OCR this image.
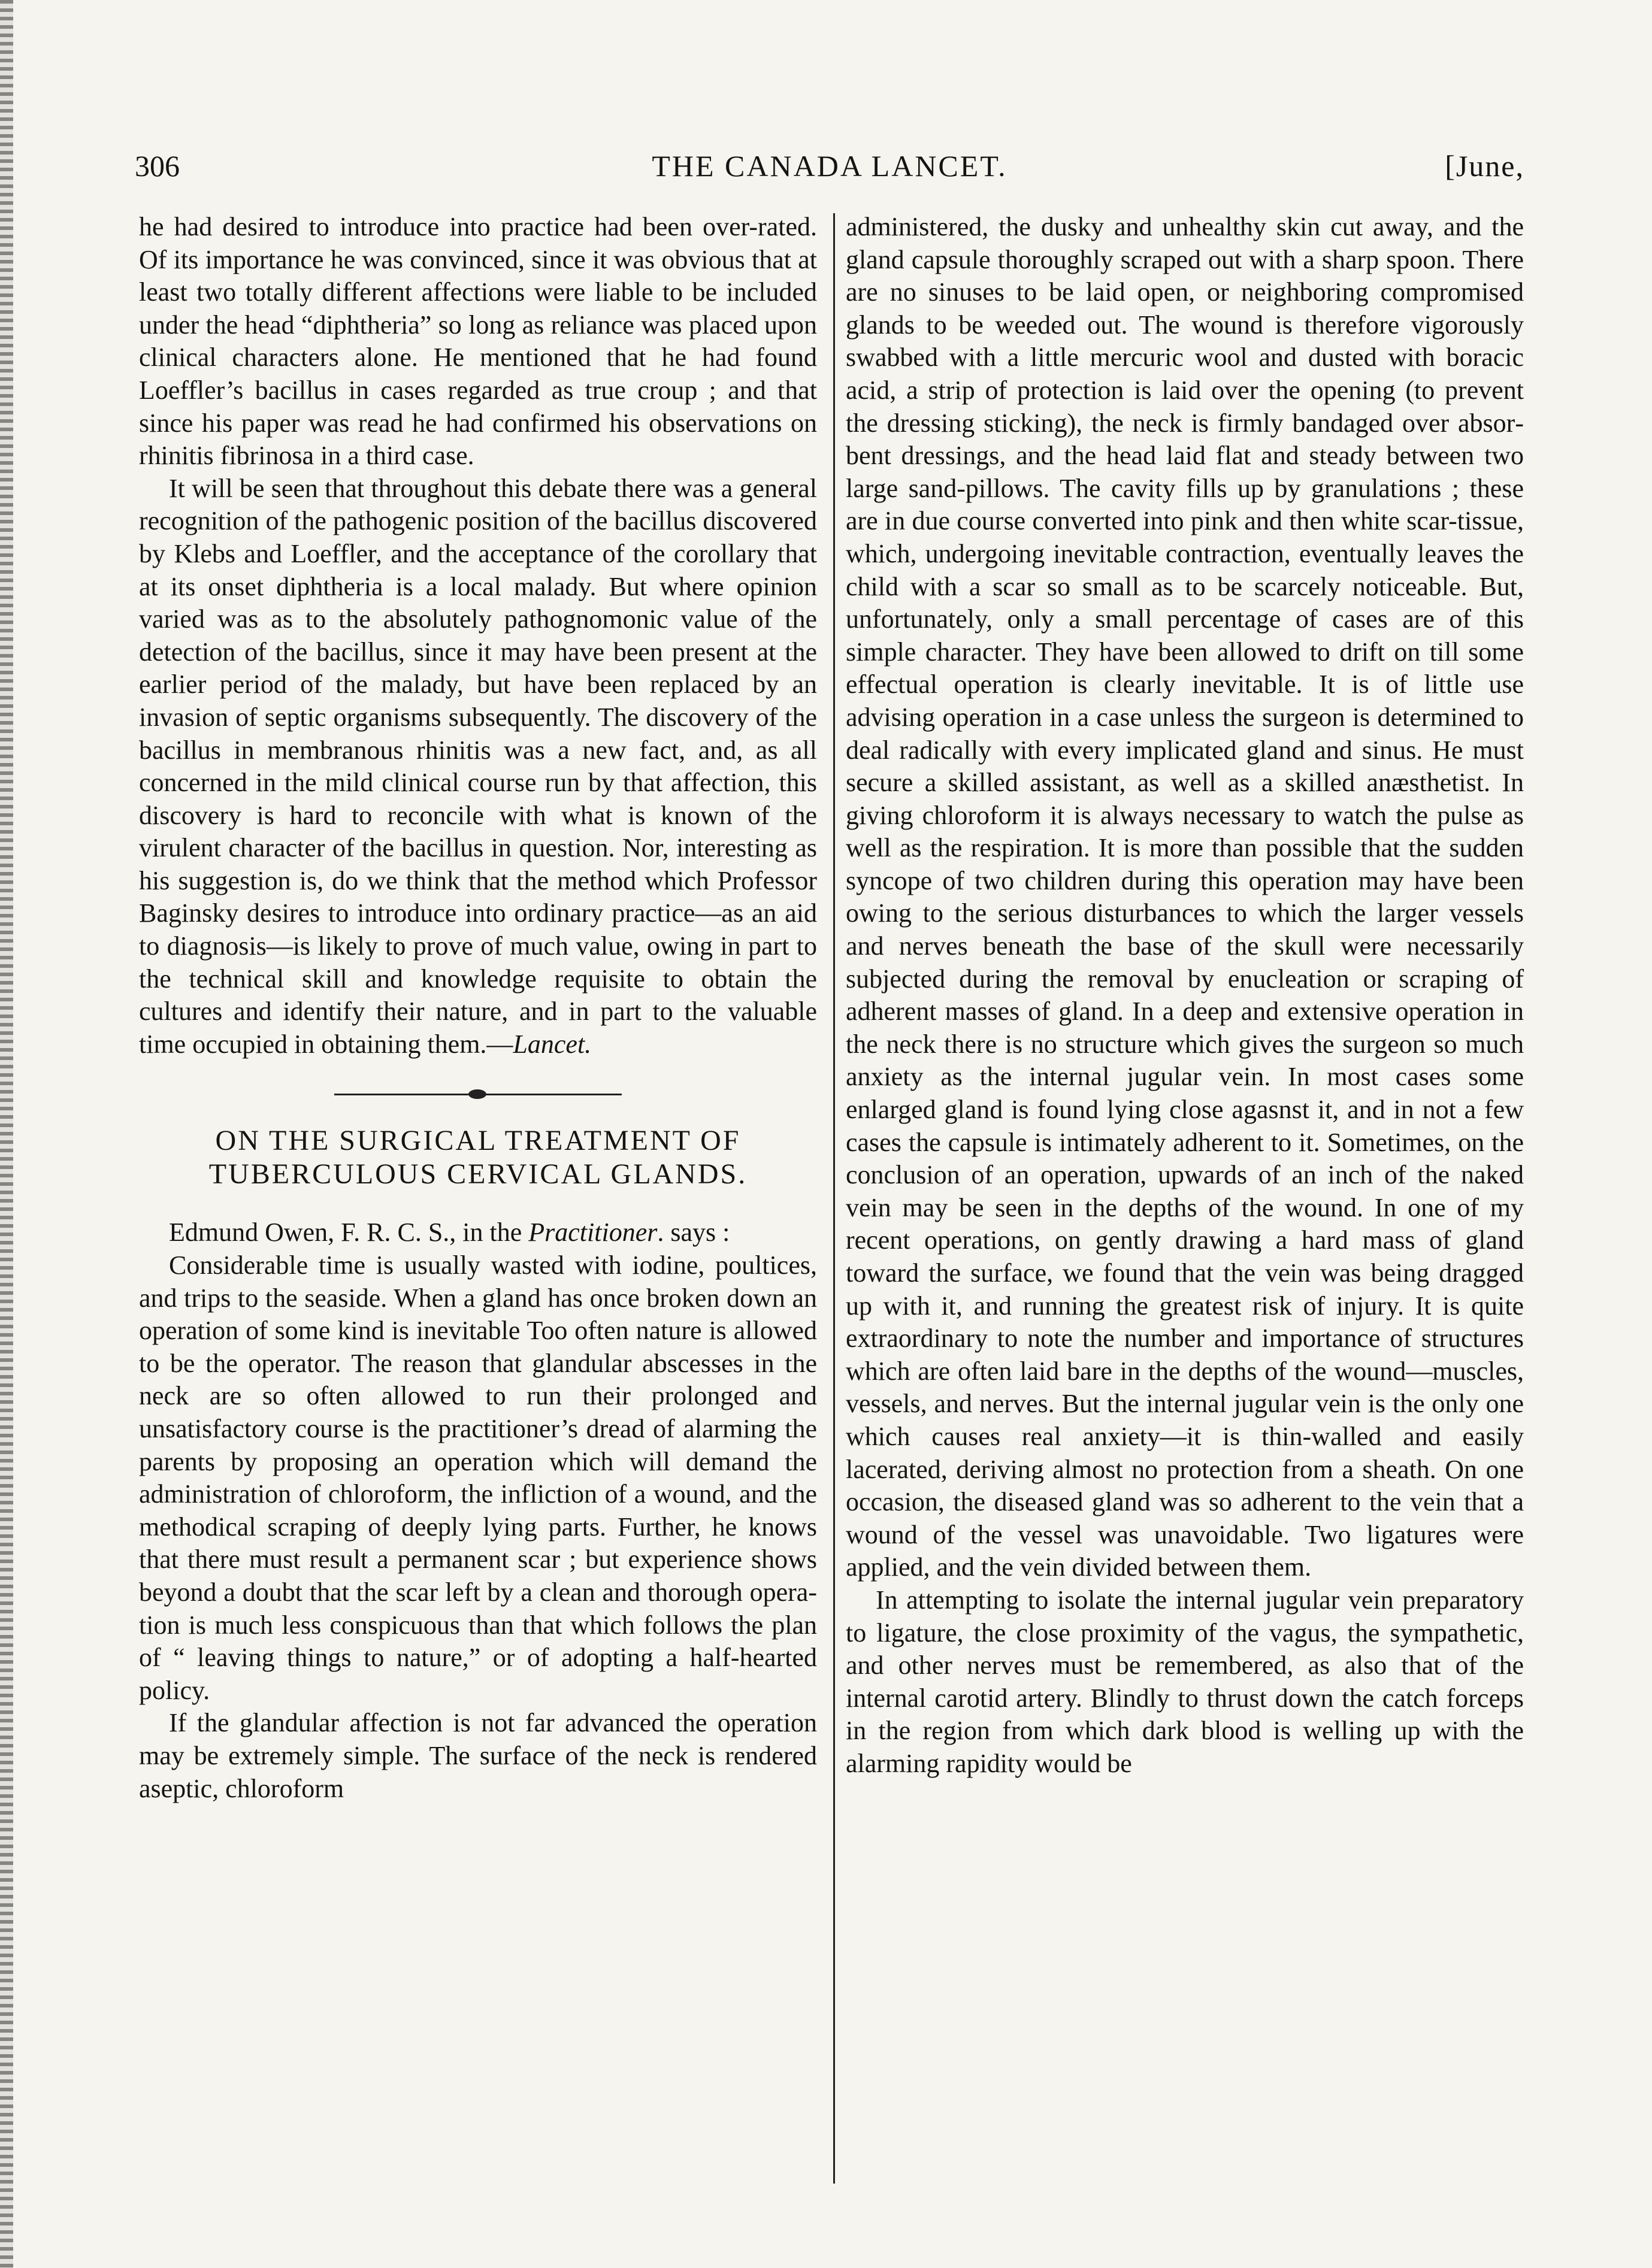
306	THE CANADA LANCET.	[June,

he had desired to introduce into practice had been over-rated. Of its importance he was convinced, since it was obvious that at least two totally different affections were liable to be included under the head “diphtheria” so long as reliance was placed upon clinical characters alone. He mentioned that he had found Loeffler’s bacillus in cases regarded as true croup ; and that since his paper was read he had confirmed his observations on rhinitis fibrinosa in a third case.

It will be seen that throughout this debate there was a general recognition of the pathogenic position of the bacillus discovered by Klebs and Loeffler, and the acceptance of the corollary that at its onset diphtheria is a local malady. But where opinion varied was as to the absolutely pathognomonic value of the detection of the bacillus, since it may have been present at the earlier period of the malady, but have been replaced by an invasion of septic organisms subsequently. The discovery of the bacillus in membranous rhinitis was a new fact, and, as all concerned in the mild clinical course run by that affection, this discovery is hard to reconcile with what is known of the virulent character of the bacillus in question. Nor, interesting as his suggestion is, do we think that the method which Professor Baginsky desires to introduce into ordinary practice—as an aid to diagnosis—is likely to prove of much value, owing in part to the technical skill and knowledge requisite to obtain the cultures and identify their nature, and in part to the valuable time occupied in obtaining them.—Lancet.

ON THE SURGICAL TREATMENT OF
TUBERCULOUS CERVICAL GLANDS.

Edmund Owen, F. R. C. S., in the Practitioner. says :

Considerable time is usually wasted with iodine, poultices, and trips to the seaside. When a gland has once broken down an operation of some kind is inevitable Too often nature is allowed to be the operator. The reason that glandular abscesses in the neck are so often allowed to run their prolonged and unsatisfactory course is the practitioner’s dread of alarming the parents by proposing an operation which will demand the administration of chloroform, the infliction of a wound, and the methodical scraping of deeply lying parts. Further, he knows that there must result a permanent scar ; but experience shows beyond a doubt that the scar left by a clean and thorough operation is much less conspicuous than that which follows the plan of “ leaving things to nature,” or of adopting a half-hearted policy.

If the glandular affection is not far advanced the operation may be extremely simple. The surface of the neck is rendered aseptic, chloroform

administered, the dusky and unhealthy skin cut away, and the gland capsule thoroughly scraped out with a sharp spoon. There are no sinuses to be laid open, or neighboring compromised glands to be weeded out. The wound is therefore vigorously swabbed with a little mercuric wool and dusted with boracic acid, a strip of protection is laid over the opening (to prevent the dressing sticking), the neck is firmly bandaged over absorbent dressings, and the head laid flat and steady between two large sand-pillows. The cavity fills up by granulations ; these are in due course converted into pink and then white scar-tissue, which, undergoing inevitable contraction, eventually leaves the child with a scar so small as to be scarcely noticeable. But, unfortunately, only a small percentage of cases are of this simple character. They have been allowed to drift on till some effectual operation is clearly inevitable. It is of little use advising operation in a case unless the surgeon is determined to deal radically with every implicated gland and sinus. He must secure a skilled assistant, as well as a skilled anæsthetist. In giving chloroform it is always necessary to watch the pulse as well as the respiration. It is more than possible that the sudden syncope of two children during this operation may have been owing to the serious disturbances to which the larger vessels and nerves beneath the base of the skull were necessarily subjected during the removal by enucleation or scraping of adherent masses of gland. In a deep and extensive operation in the neck there is no structure which gives the surgeon so much anxiety as the internal jugular vein. In most cases some enlarged gland is found lying close agasnst it, and in not a few cases the capsule is intimately adherent to it. Sometimes, on the conclusion of an operation, upwards of an inch of the naked vein may be seen in the depths of the wound. In one of my recent operations, on gently drawing a hard mass of gland toward the surface, we found that the vein was being dragged up with it, and running the greatest risk of injury. It is quite extraordinary to note the number and importance of structures which are often laid bare in the depths of the wound—muscles, vessels, and nerves. But the internal jugular vein is the only one which causes real anxiety—it is thin-walled and easily lacerated, deriving almost no protection from a sheath. On one occasion, the diseased gland was so adherent to the vein that a wound of the vessel was unavoidable. Two ligatures were applied, and the vein divided between them.

In attempting to isolate the internal jugular vein preparatory to ligature, the close proximity of the vagus, the sympathetic, and other nerves must be remembered, as also that of the internal carotid artery. Blindly to thrust down the catch forceps in the region from which dark blood is welling up with the alarming rapidity would be
